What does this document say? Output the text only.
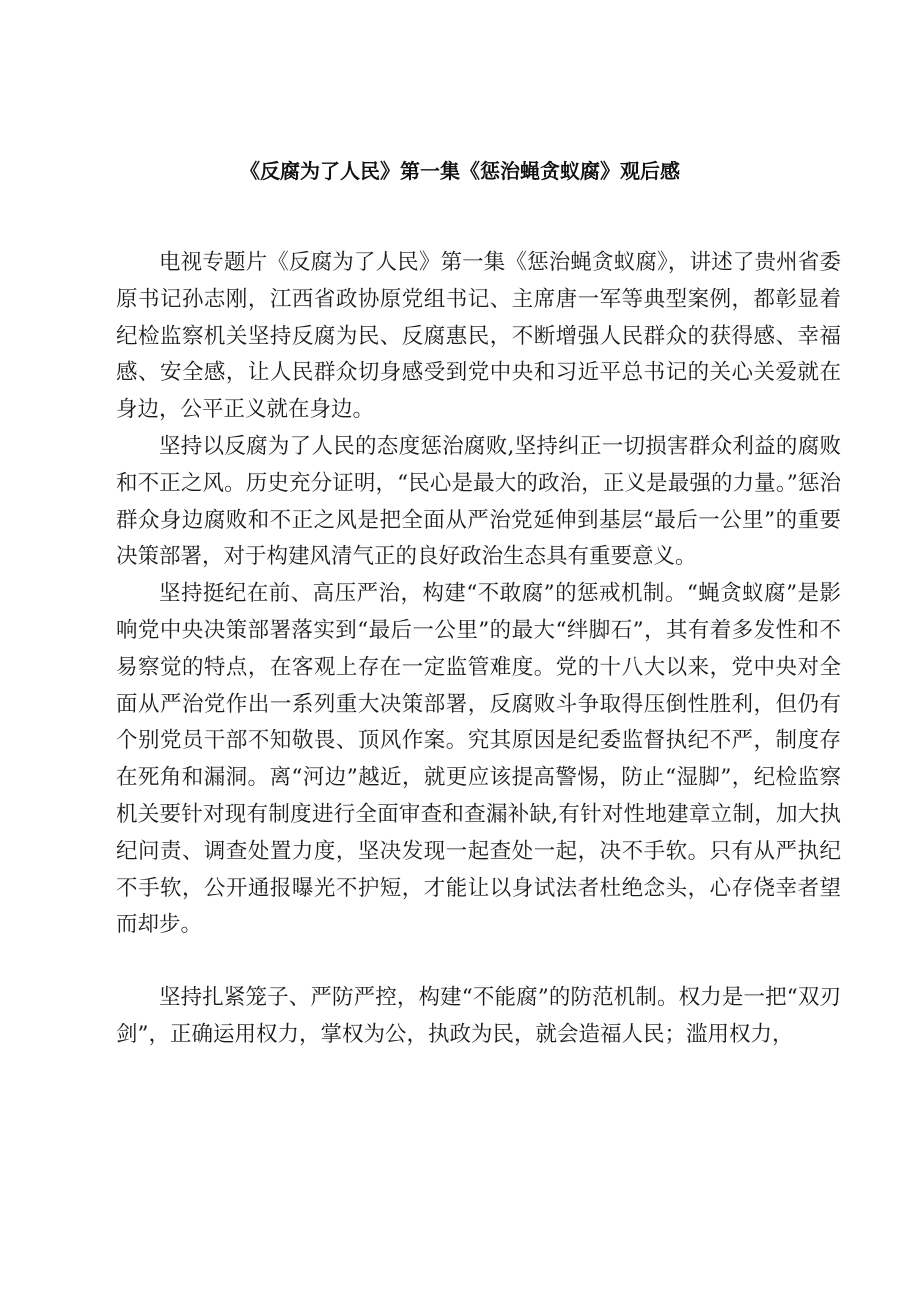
《反腐为了人民》第一集《惩治蝇贪蚁腐》观后感

电视专题片《反腐为了人民》第一集《惩治蝇贪蚁腐》，讲述了贵州省委原书记孙志刚，江西省政协原党组书记、主席唐一军等典型案例，都彰显着纪检监察机关坚持反腐为民、反腐惠民，不断增强人民群众的获得感、幸福感、安全感，让人民群众切身感受到党中央和习近平总书记的关心关爱就在身边，公平正义就在身边。

坚持以反腐为了人民的态度惩治腐败,坚持纠正一切损害群众利益的腐败和不正之风。历史充分证明，“民心是最大的政治，正义是最强的力量。”惩治群众身边腐败和不正之风是把全面从严治党延伸到基层“最后一公里”的重要决策部署，对于构建风清气正的良好政治生态具有重要意义。

坚持挺纪在前、高压严治，构建“不敢腐”的惩戒机制。“蝇贪蚁腐”是影响党中央决策部署落实到“最后一公里”的最大“绊脚石”，其有着多发性和不易察觉的特点，在客观上存在一定监管难度。党的十八大以来，党中央对全面从严治党作出一系列重大决策部署，反腐败斗争取得压倒性胜利，但仍有个别党员干部不知敬畏、顶风作案。究其原因是纪委监督执纪不严，制度存在死角和漏洞。离“河边”越近，就更应该提高警惕，防止“湿脚”，纪检监察机关要针对现有制度进行全面审查和查漏补缺,有针对性地建章立制，加大执纪问责、调查处置力度，坚决发现一起查处一起，决不手软。只有从严执纪不手软，公开通报曝光不护短，才能让以身试法者杜绝念头，心存侥幸者望而却步。

坚持扎紧笼子、严防严控，构建“不能腐”的防范机制。权力是一把“双刃剑”，正确运用权力，掌权为公，执政为民，就会造福人民；滥用权力，
